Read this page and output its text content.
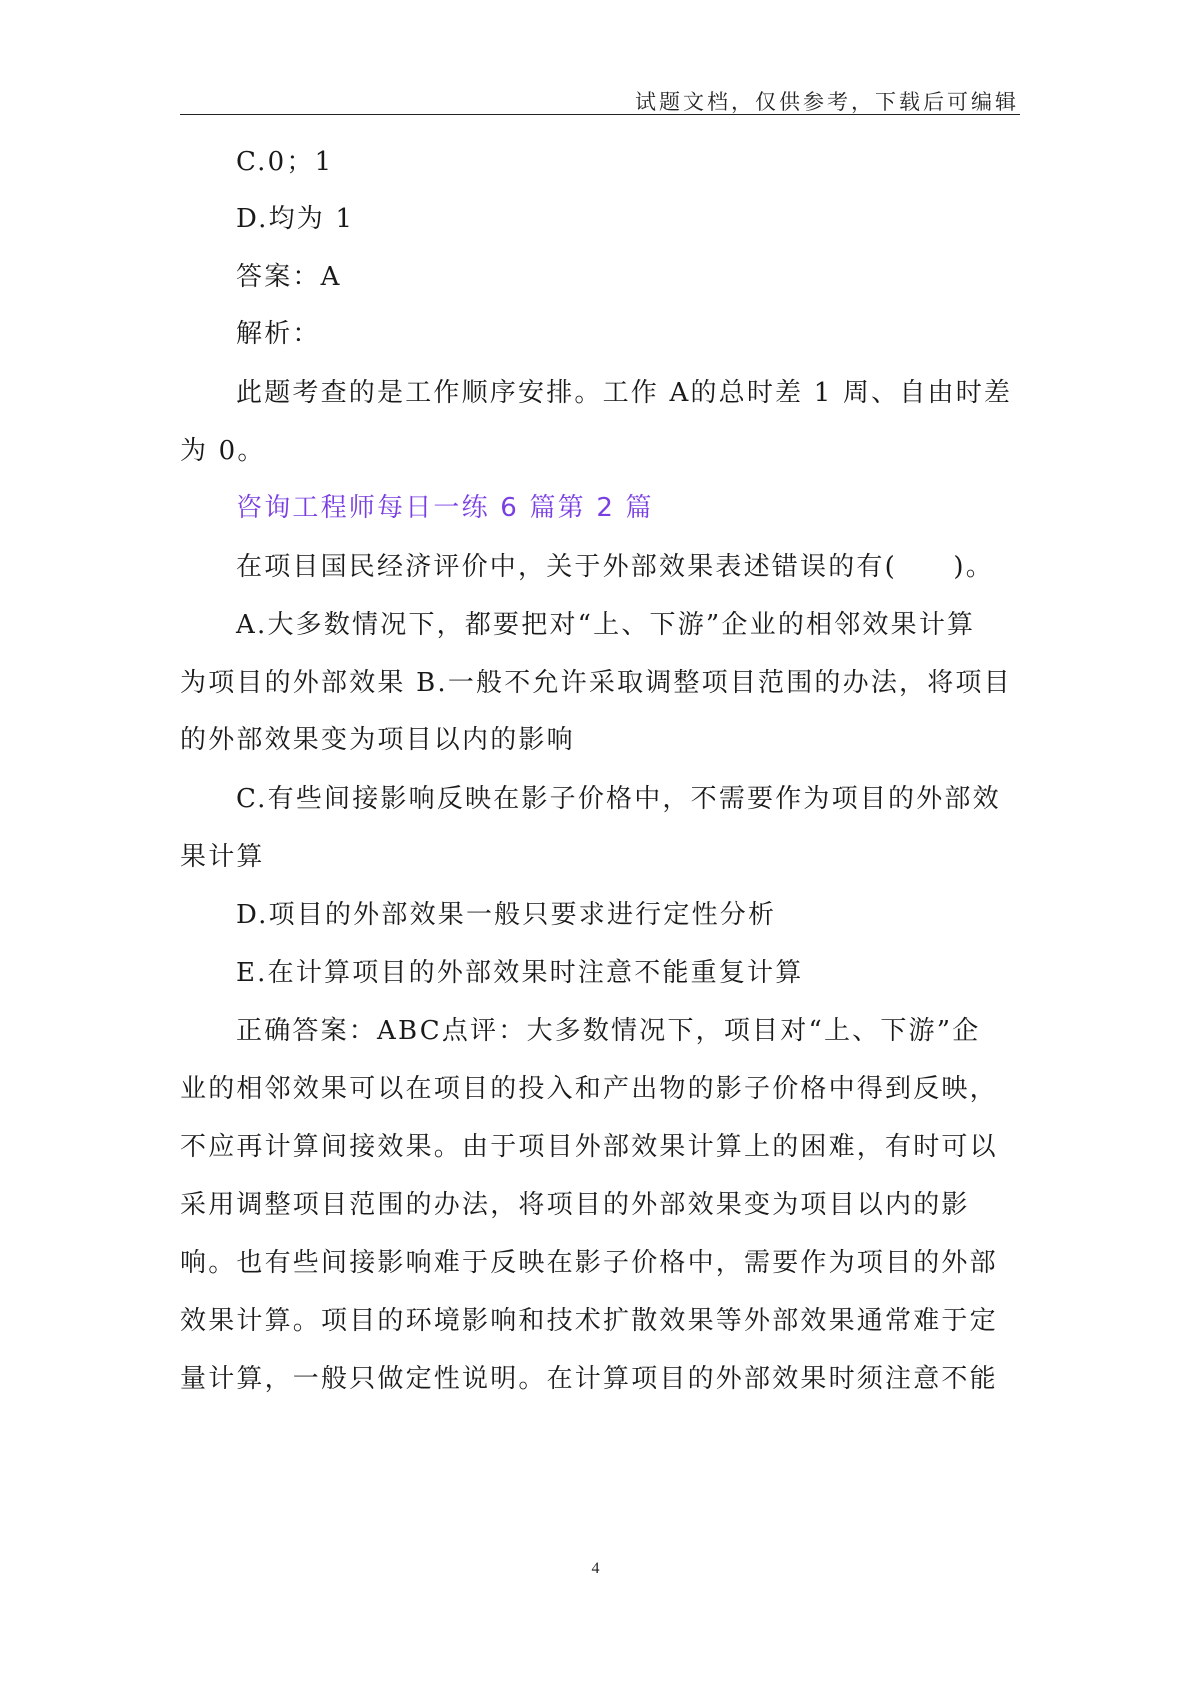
试题文档，仅供参考，下载后可编辑
C.0；1
D.均为 1
答案：A
解析：
此题考查的是工作顺序安排。工作 A的总时差 1 周、自由时差
为 0。
咨询工程师每日一练 6 篇第 2 篇
在项目国民经济评价中，关于外部效果表述错误的有(　　)。
A.大多数情况下，都要把对“上、下游”企业的相邻效果计算
为项目的外部效果 B.一般不允许采取调整项目范围的办法，将项目
的外部效果变为项目以内的影响
C.有些间接影响反映在影子价格中，不需要作为项目的外部效
果计算
D.项目的外部效果一般只要求进行定性分析
E.在计算项目的外部效果时注意不能重复计算
正确答案：ABC点评：大多数情况下，项目对“上、下游”企
业的相邻效果可以在项目的投入和产出物的影子价格中得到反映，
不应再计算间接效果。由于项目外部效果计算上的困难，有时可以
采用调整项目范围的办法，将项目的外部效果变为项目以内的影
响。也有些间接影响难于反映在影子价格中，需要作为项目的外部
效果计算。项目的环境影响和技术扩散效果等外部效果通常难于定
量计算，一般只做定性说明。在计算项目的外部效果时须注意不能
4
